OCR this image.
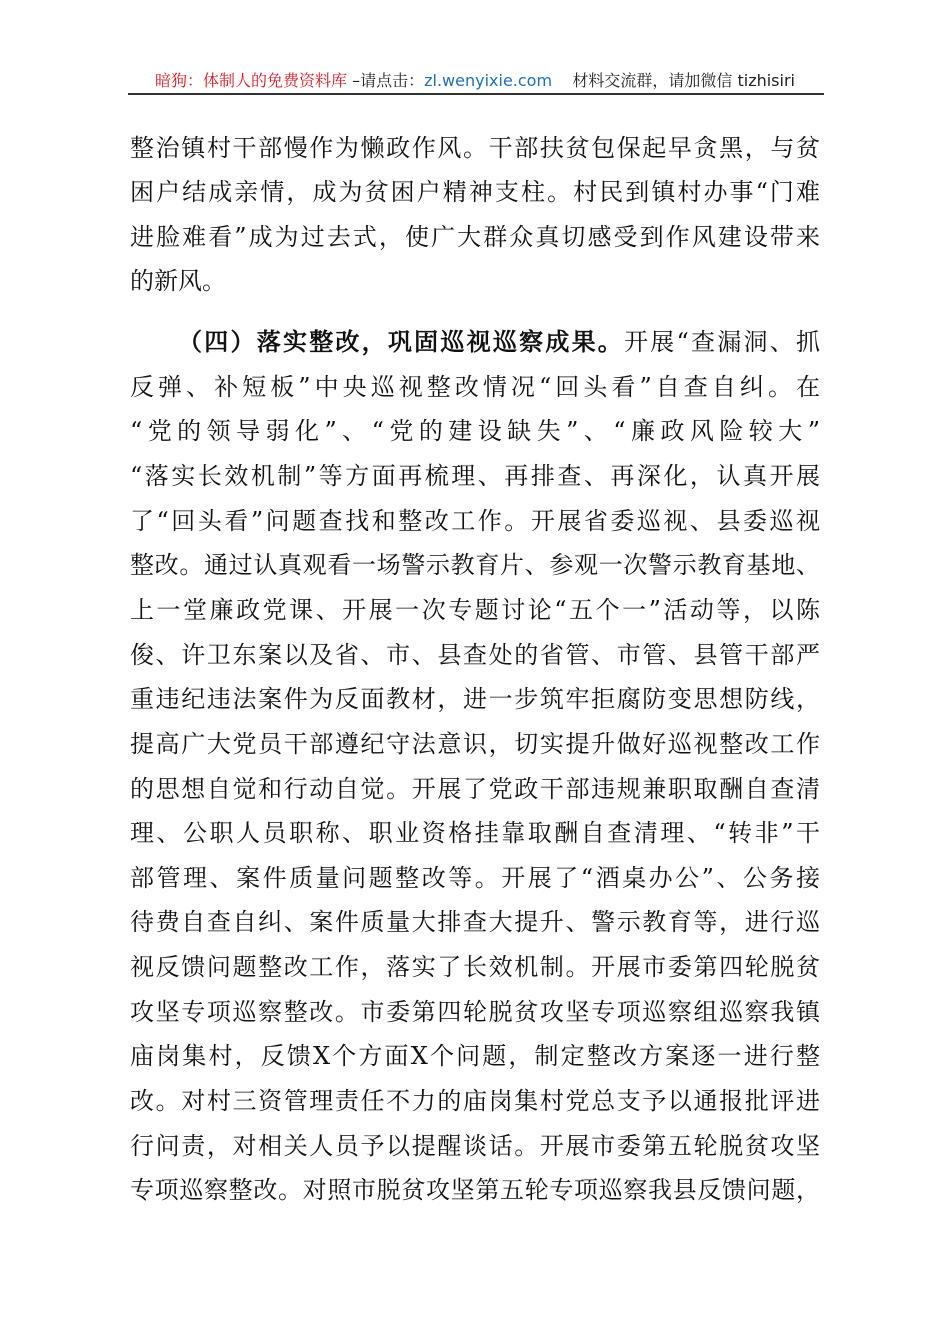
暗狗：体制人的免费资料库 –请点击：zl.wenyixie.com 材料交流群，请加微信 tizhisiri
整治镇村干部慢作为懒政作风。干部扶贫包保起早贪黑，与贫
困户结成亲情，成为贫困户精神支柱。村民到镇村办事“门难
进脸难看”成为过去式，使广大群众真切感受到作风建设带来
的新风。
（四）落实整改，巩固巡视巡察成果。开展“查漏洞、抓
反弹、补短板”中央巡视整改情况“回头看”自查自纠。在
“党的领导弱化”、“党的建设缺失”、“廉政风险较大”
“落实长效机制”等方面再梳理、再排查、再深化，认真开展
了“回头看”问题查找和整改工作。开展省委巡视、县委巡视
整改。通过认真观看一场警示教育片、参观一次警示教育基地、
上一堂廉政党课、开展一次专题讨论“五个一”活动等，以陈
俊、许卫东案以及省、市、县查处的省管、市管、县管干部严
重违纪违法案件为反面教材，进一步筑牢拒腐防变思想防线，
提高广大党员干部遵纪守法意识，切实提升做好巡视整改工作
的思想自觉和行动自觉。开展了党政干部违规兼职取酬自查清
理、公职人员职称、职业资格挂靠取酬自查清理、“转非”干
部管理、案件质量问题整改等。开展了“酒桌办公”、公务接
待费自查自纠、案件质量大排查大提升、警示教育等，进行巡
视反馈问题整改工作，落实了长效机制。开展市委第四轮脱贫
攻坚专项巡察整改。市委第四轮脱贫攻坚专项巡察组巡察我镇
庙岗集村，反馈X个方面X个问题，制定整改方案逐一进行整
改。对村三资管理责任不力的庙岗集村党总支予以通报批评进
行问责，对相关人员予以提醒谈话。开展市委第五轮脱贫攻坚
专项巡察整改。对照市脱贫攻坚第五轮专项巡察我县反馈问题，
